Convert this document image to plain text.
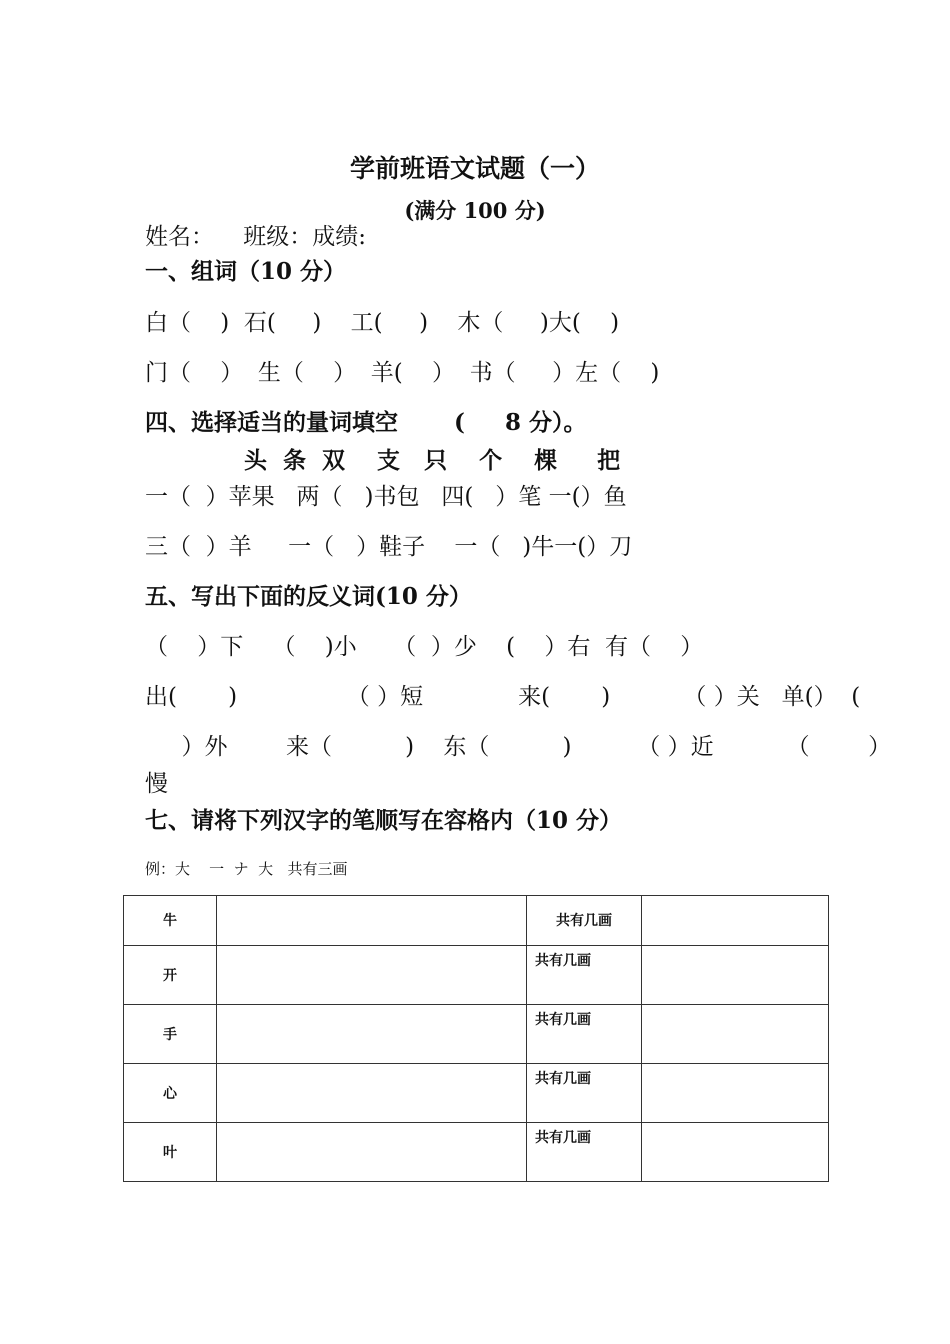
学前班语文试题（一）
(满分 100 分)
姓名：    班级：成绩:
一、组词（10 分）
白（    )  石(     )    工(     )    木（     )大(    )
门（    ）  生（    ）  羊(    ）  书（     ）左（    )
四、选择适当的量词填空       (     8 分）。
头  条  双    支   只    个    棵     把
一（  ）苹果   两（   )书包   四(   ）笔 一(）鱼
三（  ）羊     一（   ）鞋子    一（   )牛一(）刀
五、写出下面的反义词(10 分）
（    ）下    （    )小     （  ）少    (    ）右  有（    ）
出(       )               （ ）短             来(       )          （ ）关   单(）  (
）外        来（          )    东（          )         （ ）近          （        ）
慢
七、请将下列汉字的笔顺写在容格内（10 分）
例：大    一  ナ  大   共有三画
牛		共有几画	
开		共有几画	
手		共有几画	
心		共有几画	
叶		共有几画	
